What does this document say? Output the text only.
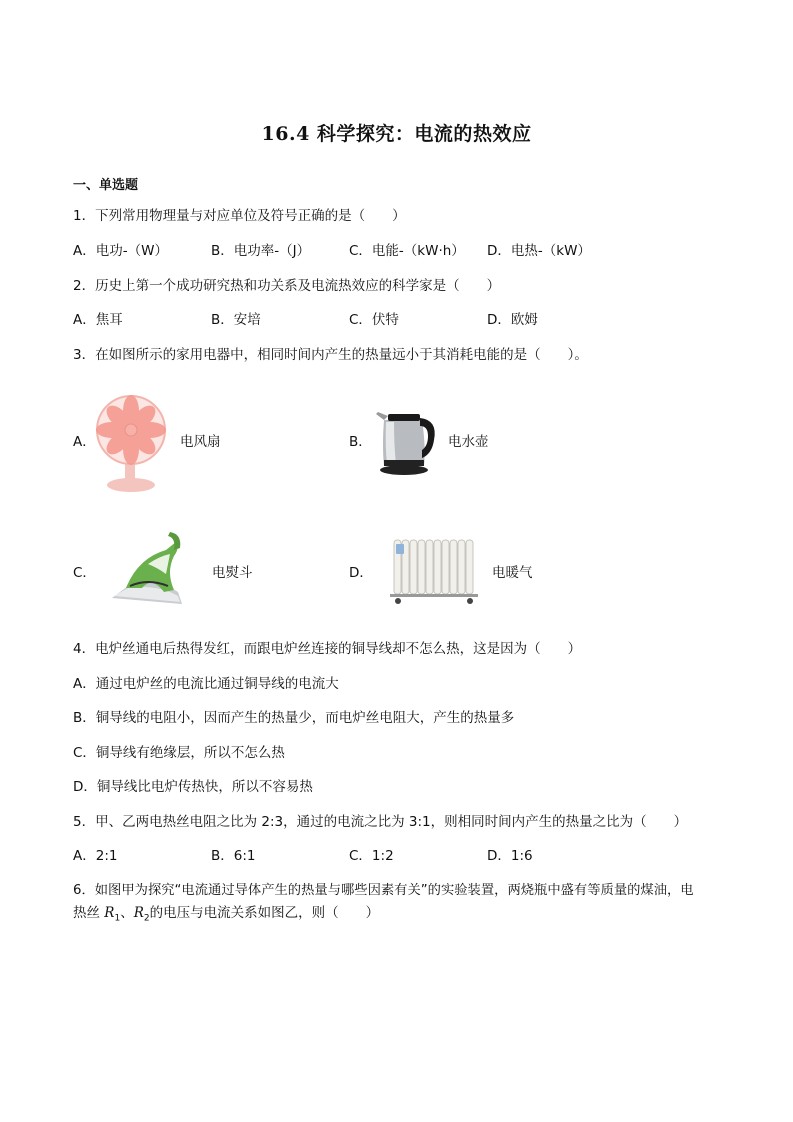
16.4 科学探究：电流的热效应
一、单选题
1．下列常用物理量与对应单位及符号正确的是（　　）
A．电功-（W）	B．电功率-（J）	C．电能-（kW·h） D．电热-（kW）
2．历史上第一个成功研究热和功关系及电流热效应的科学家是（　　）
A．焦耳	B．安培	C．伏特	D．欧姆
3．在如图所示的家用电器中，相同时间内产生的热量远小于其消耗电能的是（　　）。
A．	电风扇	B．	电水壶
C．	电熨斗	D．	电暖气
4．电炉丝通电后热得发红，而跟电炉丝连接的铜导线却不怎么热，这是因为（　　）
A．通过电炉丝的电流比通过铜导线的电流大
B．铜导线的电阻小，因而产生的热量少，而电炉丝电阻大，产生的热量多
C．铜导线有绝缘层，所以不怎么热
D．铜导线比电炉传热快，所以不容易热
5．甲、乙两电热丝电阻之比为 2:3，通过的电流之比为 3:1，则相同时间内产生的热量之比为（　　）
A．2:1	B．6:1	C．1:2	D．1:6
6．如图甲为探究“电流通过导体产生的热量与哪些因素有关”的实验装置，两烧瓶中盛有等质量的煤油，电
热丝 $R_1$、$R_2$的电压与电流关系如图乙，则（　　）
